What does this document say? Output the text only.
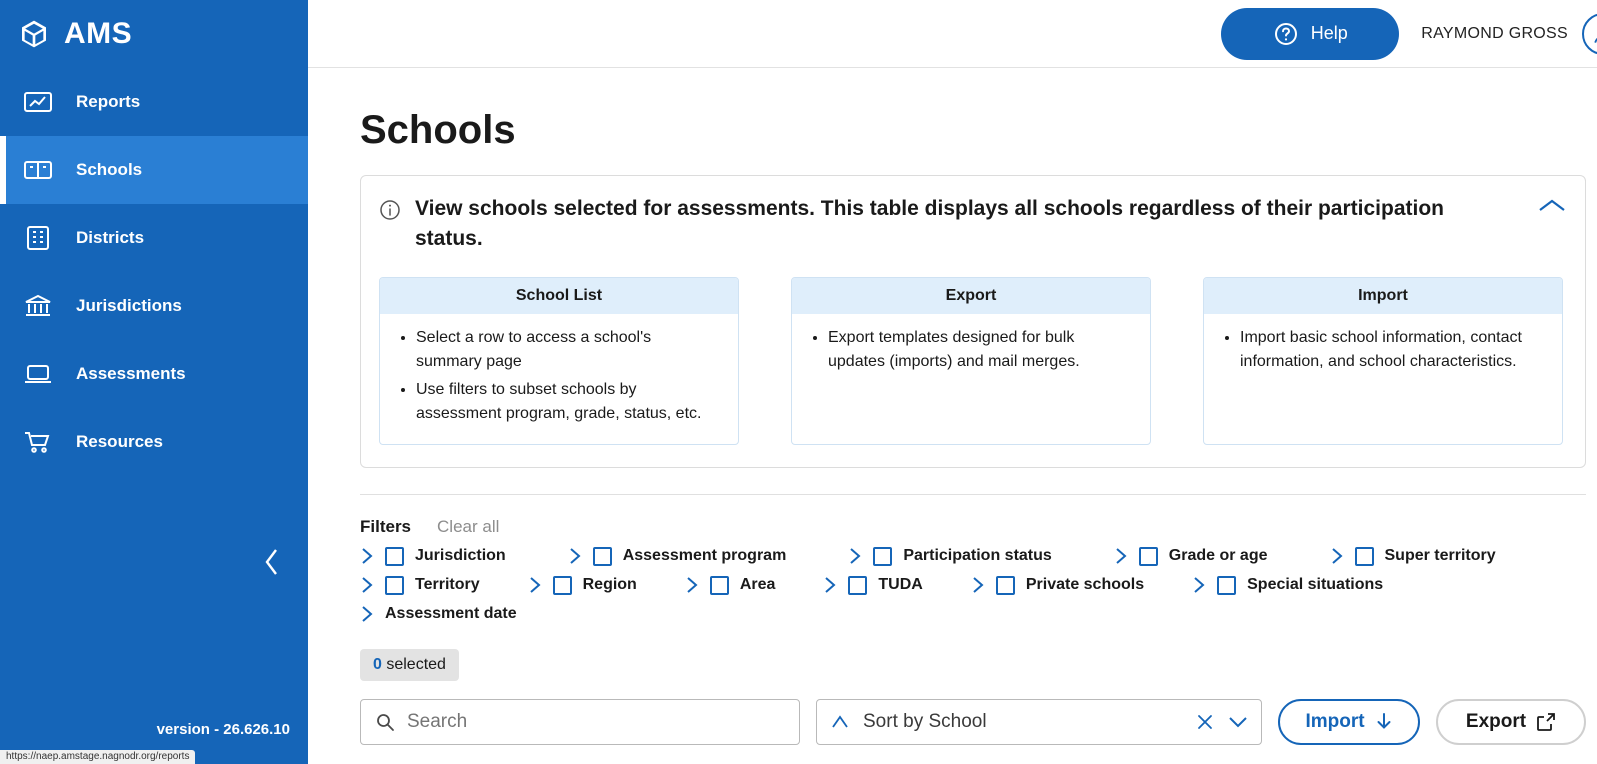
AMS
Reports
Schools
Districts
Jurisdictions
Assessments
Resources
version - 26.626.10
https://naep.amstage.nagnodr.org/reports
Help	RAYMOND GROSS
Schools
View schools selected for assessments. This table displays all schools regardless of their participation status.
School List
• Select a row to access a school's summary page
• Use filters to subset schools by assessment program, grade, status, etc.
Export
• Export templates designed for bulk updates (imports) and mail merges.
Import
• Import basic school information, contact information, and school characteristics.
Filters Clear all
Jurisdiction	Assessment program	Participation status	Grade or age	Super territory
Territory	Region	Area	TUDA	Private schools	Special situations
Assessment date
0 selected
Search
Sort by School	Import	Export
